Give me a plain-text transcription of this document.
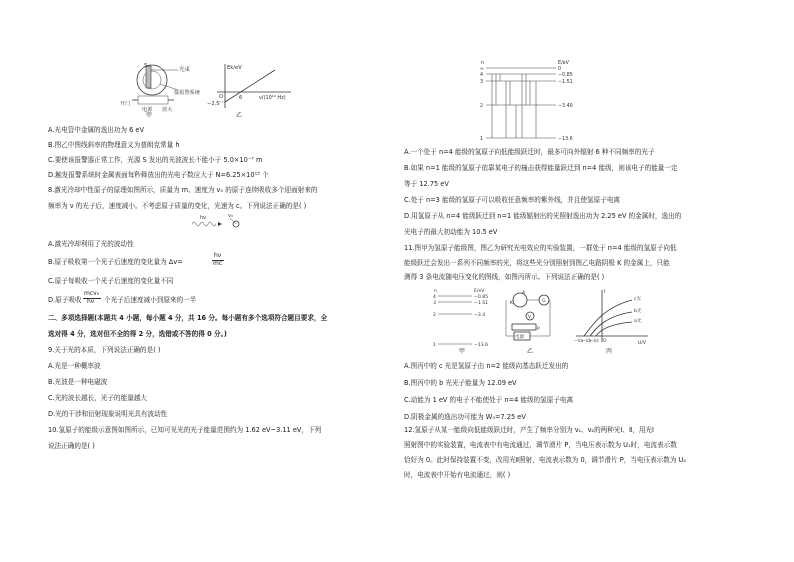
S
光束
接报警系统
开门
电源 放大
甲
Ek/eV
ν/(10¹⁴ Hz)
O	6
−2.5
乙
A.光电管中金属的逸出功为 6 eV
B.图乙中图线斜率的物理意义为普朗克常量 h
C.要使该报警器正常工作，光源 S 发出的光波波长不能小于 5.0×10⁻⁷ m
D.触发报警系统时金属表面每秒释放出的光电子数应大于 N=6.25×10¹³ 个
8.激光冷却中性原子的原理如图所示，质量为 m、速度为 v₀ 的原子连续吸收多个迎面射来的
频率为 ν 的光子后，速度减小。不考虑原子质量的变化，光速为 c。下列说法正确的是( )
hν	v₀
A.激光冷却利用了光的波动性
B.原子吸收第一个光子后速度的变化量为 Δv=
hν
mc
C.原子每吸收一个光子后速度的变化量不同
D.原子吸收
mcv₀
hν 个光子后速度减小到原来的一半
二、多项选择题(本题共 4 小题，每小题 4 分，共 16 分。每小题有多个选项符合题目要求，全
选对得 4 分，选对但不全的得 2 分，选错或不答的得 0 分。)
9.关于光的本质，下列说法正确的是( )
A.光是一种概率波
B.光波是一种电磁波
C.光的波长越长，光子的能量越大
D.光的干涉和衍射现象说明光具有波动性
10.氢原子的能级示意图如图所示，已知可见光的光子能量范围约为 1.62 eV~3.11 eV，下列
说法正确的是( )
n	E/eV
∞	0
4	−0.85
3	−1.51
2	−3.40
1	−13.6
A.一个处于 n=4 能级的氢原子向低能级跃迁时，最多可向外辐射 6 种不同频率的光子
B.如果 n=1 能级的氢原子依靠某电子的撞击获得能量跃迁到 n=4 能级，则该电子的能量一定
等于 12.75 eV
C.处于 n=3 能级的氢原子可以吸收任意频率的紫外线，并且使氢原子电离
D.用氢原子从 n=4 能级跃迁到 n=1 能级辐射出的光照射逸出功为 2.25 eV 的金属时，逸出的
光电子的最大初动能为 10.5 eV
11.图甲为氢原子能级图，图乙为研究光电效应的实验装置，一群处于 n=4 能级的氢原子向低
能级跃迁会发出一系列不同频率的光，将这些光分别照射到图乙电路阴极 K 的金属上，只能
测得 3 条电流随电压变化的图线，如图丙所示。下列说法正确的是( )
n	E/eV
4	−0.85
3	−1.51
2	−3.4
1	−13.6
甲
A
K	G
V
P
电源
乙
I
U/V
O
−Ua
−Ub
−Uc
a光
b光
c光
丙
A.图丙中的 c 光是氢原子由 n=2 能级向基态跃迁发出的
B.图丙中的 b 光光子能量为 12.09 eV
C.动能为 1 eV 的电子不能使处于 n=4 能级的氢原子电离
D.阴极金属的逸出功可能为 W₀=7.25 eV
12.氢原子从某一能级向低能级跃迁时，产生了频率分别为 ν₁、ν₂的两种光Ⅰ、Ⅱ，用光Ⅰ
照射图中的实验装置，电流表中有电流通过，调节滑片 P，当电压表示数为 U₁时，电流表示数
恰好为 0。此时保持装置不变，改用光Ⅱ照射，电流表示数为 0，调节滑片 P，当电压表示数为 U₂
时，电流表中开始有电流通过，则( )
